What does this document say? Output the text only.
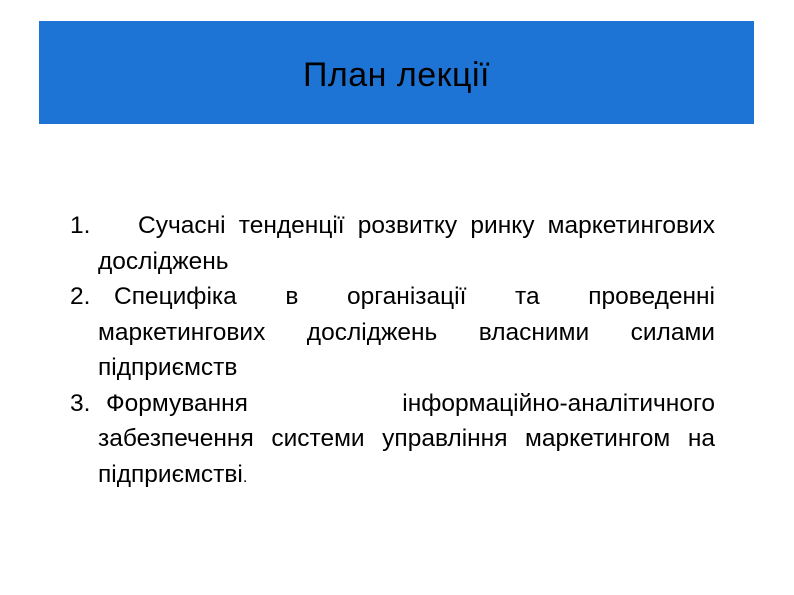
План лекції
1. Сучасні тенденції розвитку ринку маркетингових досліджень
2. Специфіка в організації та проведенні маркетингових досліджень власними силами підприємств
3. Формування інформаційно-аналітичного забезпечення системи управління маркетингом на підприємстві.
